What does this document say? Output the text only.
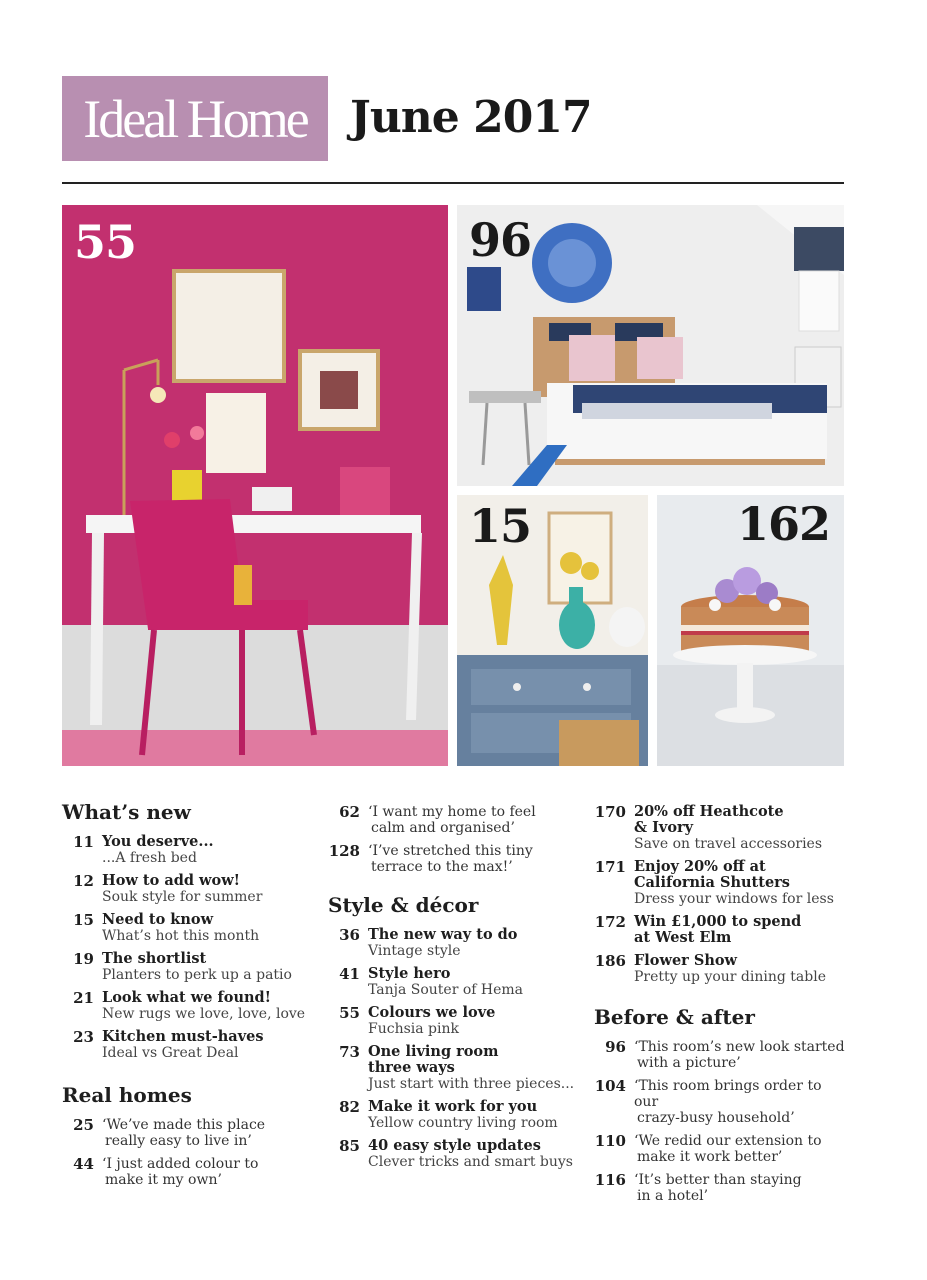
Ideal Home June 2017
55	96
15	162
What’s new
11 You deserve...
...A fresh bed
12 How to add wow!
Souk style for summer
15 Need to know
What’s hot this month
19 The shortlist
Planters to perk up a patio
21 Look what we found!
New rugs we love, love, love
23 Kitchen must-haves
Ideal vs Great Deal
Real homes
25 ‘We’ve made this place
really easy to live in’
44 ‘I just added colour to
make it my own’
62 ‘I want my home to feel
calm and organised’
128 ‘I’ve stretched this tiny
terrace to the max!’
Style & décor
36 The new way to do
Vintage style
41 Style hero
Tanja Souter of Hema
55 Colours we love
Fuchsia pink
73 One living room
three ways
Just start with three pieces...
82 Make it work for you
Yellow country living room
85 40 easy style updates
Clever tricks and smart buys
170 20% off Heathcote
& Ivory
Save on travel accessories
171 Enjoy 20% off at
California Shutters
Dress your windows for less
172 Win £1,000 to spend
at West Elm
186 Flower Show
Pretty up your dining table
Before & after
96 ‘This room’s new look started
with a picture’
104 ‘This room brings order to our
crazy-busy household’
110 ‘We redid our extension to
make it work better’
116 ‘It’s better than staying
in a hotel’
